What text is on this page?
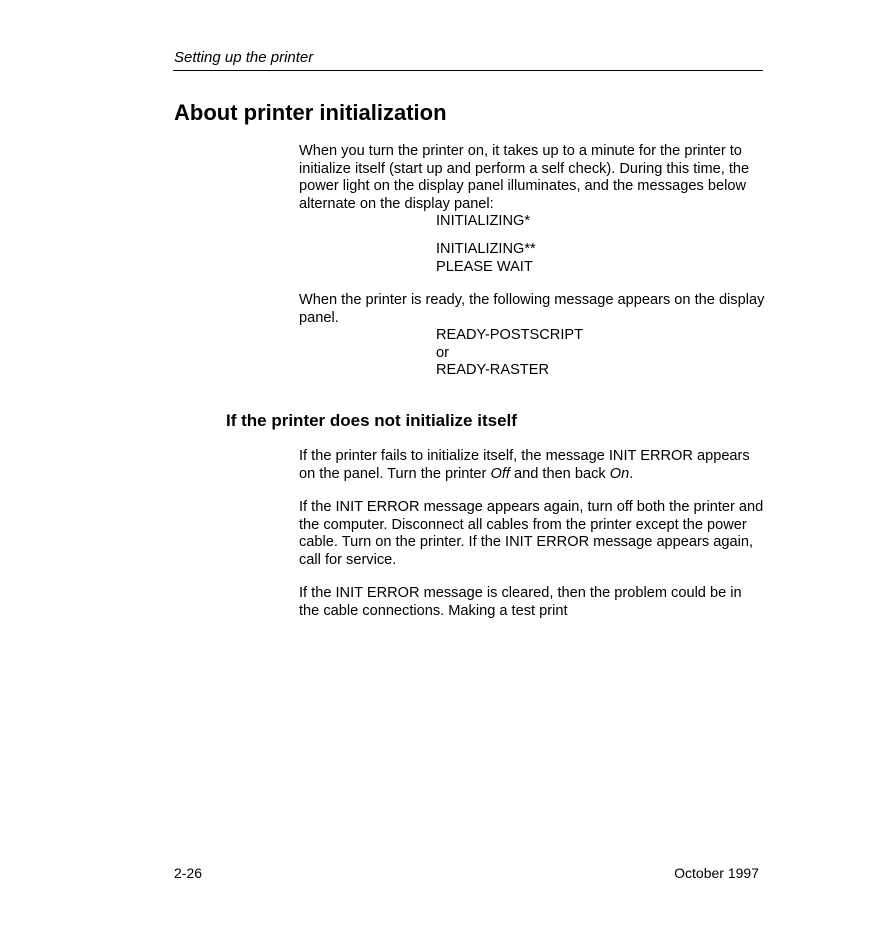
Setting up the printer
About printer initialization

When you turn the printer on, it takes up to a minute for the printer to initialize itself (start up and perform a self check). During this time, the power light on the display panel illuminates, and the messages below alternate on the display panel:

INITIALIZING*
INITIALIZING**
PLEASE WAIT

When the printer is ready, the following message appears on the display panel.

READY-POSTSCRIPT
or
READY-RASTER
If the printer does not initialize itself

If the printer fails to initialize itself, the message INIT ERROR appears on the panel. Turn the printer Off and then back On.

If the INIT ERROR message appears again, turn off both the printer and the computer. Disconnect all cables from the printer except the power cable. Turn on the printer. If the INIT ERROR message appears again, call for service.

If the INIT ERROR message is cleared, then the problem could be in the cable connections. Making a test print

2-26	October 1997
